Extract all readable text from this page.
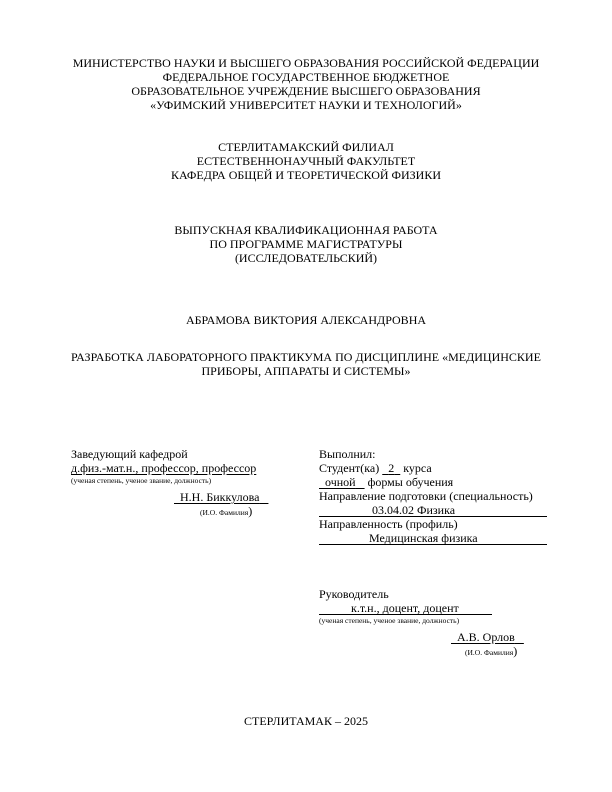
МИНИСТЕРСТВО НАУКИ И ВЫСШЕГО ОБРАЗОВАНИЯ РОССИЙСКОЙ ФЕДЕРАЦИИ
ФЕДЕРАЛЬНОЕ ГОСУДАРСТВЕННОЕ БЮДЖЕТНОЕ
ОБРАЗОВАТЕЛЬНОЕ УЧРЕЖДЕНИЕ ВЫСШЕГО ОБРАЗОВАНИЯ
«УФИМСКИЙ УНИВЕРСИТЕТ НАУКИ И ТЕХНОЛОГИЙ»
СТЕРЛИТАМАКСКИЙ ФИЛИАЛ
ЕСТЕСТВЕННОНАУЧНЫЙ ФАКУЛЬТЕТ
КАФЕДРА ОБЩЕЙ И ТЕОРЕТИЧЕСКОЙ ФИЗИКИ
ВЫПУСКНАЯ КВАЛИФИКАЦИОННАЯ РАБОТА
ПО ПРОГРАММЕ МАГИСТРАТУРЫ
(ИССЛЕДОВАТЕЛЬСКИЙ)
АБРАМОВА ВИКТОРИЯ АЛЕКСАНДРОВНА
РАЗРАБОТКА ЛАБОРАТОРНОГО ПРАКТИКУМА ПО ДИСЦИПЛИНЕ «МЕДИЦИНСКИЕ
ПРИБОРЫ, АППАРАТЫ И СИСТЕМЫ»
Заведующий кафедрой
д.физ.-мат.н., профессор, профессор
(ученая степень, ученое звание, должность)
Н.Н. Биккулова
(И.О. Фамилия)
Выполнил:
Студент(ка) 2 курса
очной формы обучения
Направление подготовки (специальность)
03.04.02 Физика
Направленность (профиль)
Медицинская физика
Руководитель
к.т.н., доцент, доцент
(ученая степень, ученое звание, должность)
А.В. Орлов
(И.О. Фамилия)
СТЕРЛИТАМАК – 2025
